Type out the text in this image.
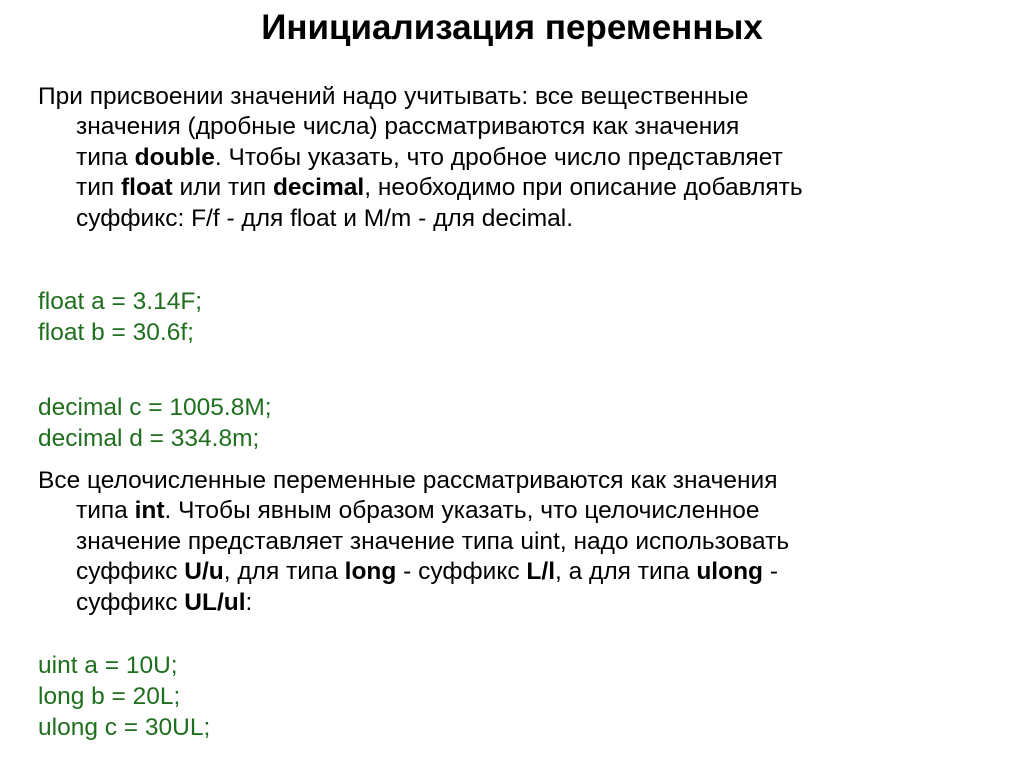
Инициализация переменных
При присвоении значений надо учитывать: все вещественные
значения (дробные числа) рассматриваются как значения
типа double. Чтобы указать, что дробное число представляет
тип float или тип decimal, необходимо при описание добавлять
суффикс: F/f - для float и M/m - для decimal.
float a = 3.14F;
float b = 30.6f;
decimal c = 1005.8M;
decimal d = 334.8m;
Все целочисленные переменные рассматриваются как значения
типа int. Чтобы явным образом указать, что целочисленное
значение представляет значение типа uint, надо использовать
суффикс U/u, для типа long - суффикс L/l, а для типа ulong -
суффикс UL/ul:
uint a = 10U;
long b = 20L;
ulong c = 30UL;
